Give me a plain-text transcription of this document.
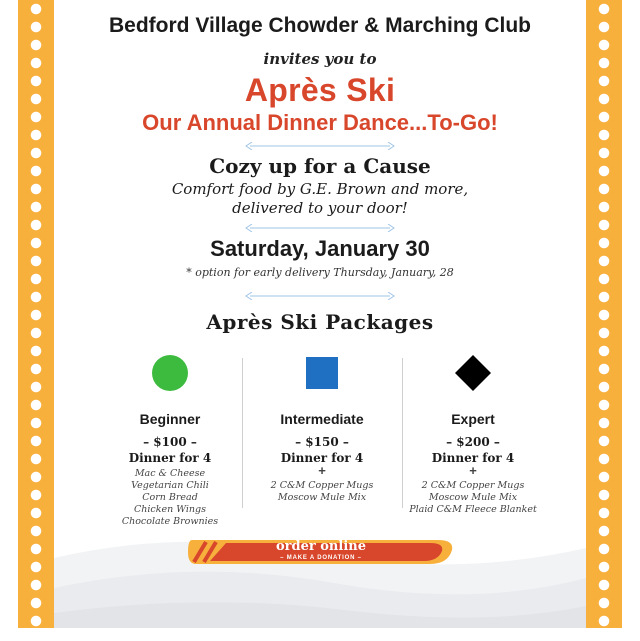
Bedford Village Chowder & Marching Club
invites you to
Après Ski
Our Annual Dinner Dance...To-Go!
Cozy up for a Cause
Comfort food by G.E. Brown and more,
delivered to your door!
Saturday, January 30
* option for early delivery Thursday, January, 28
Après Ski Packages
Beginner
– $100 –
Dinner for 4
Mac & Cheese
Vegetarian Chili
Corn Bread
Chicken Wings
Chocolate Brownies
Intermediate
– $150 –
Dinner for 4
+
2 C&M Copper Mugs
Moscow Mule Mix
Expert
– $200 –
Dinner for 4
+
2 C&M Copper Mugs
Moscow Mule Mix
Plaid C&M Fleece Blanket
order online
– MAKE A DONATION –
